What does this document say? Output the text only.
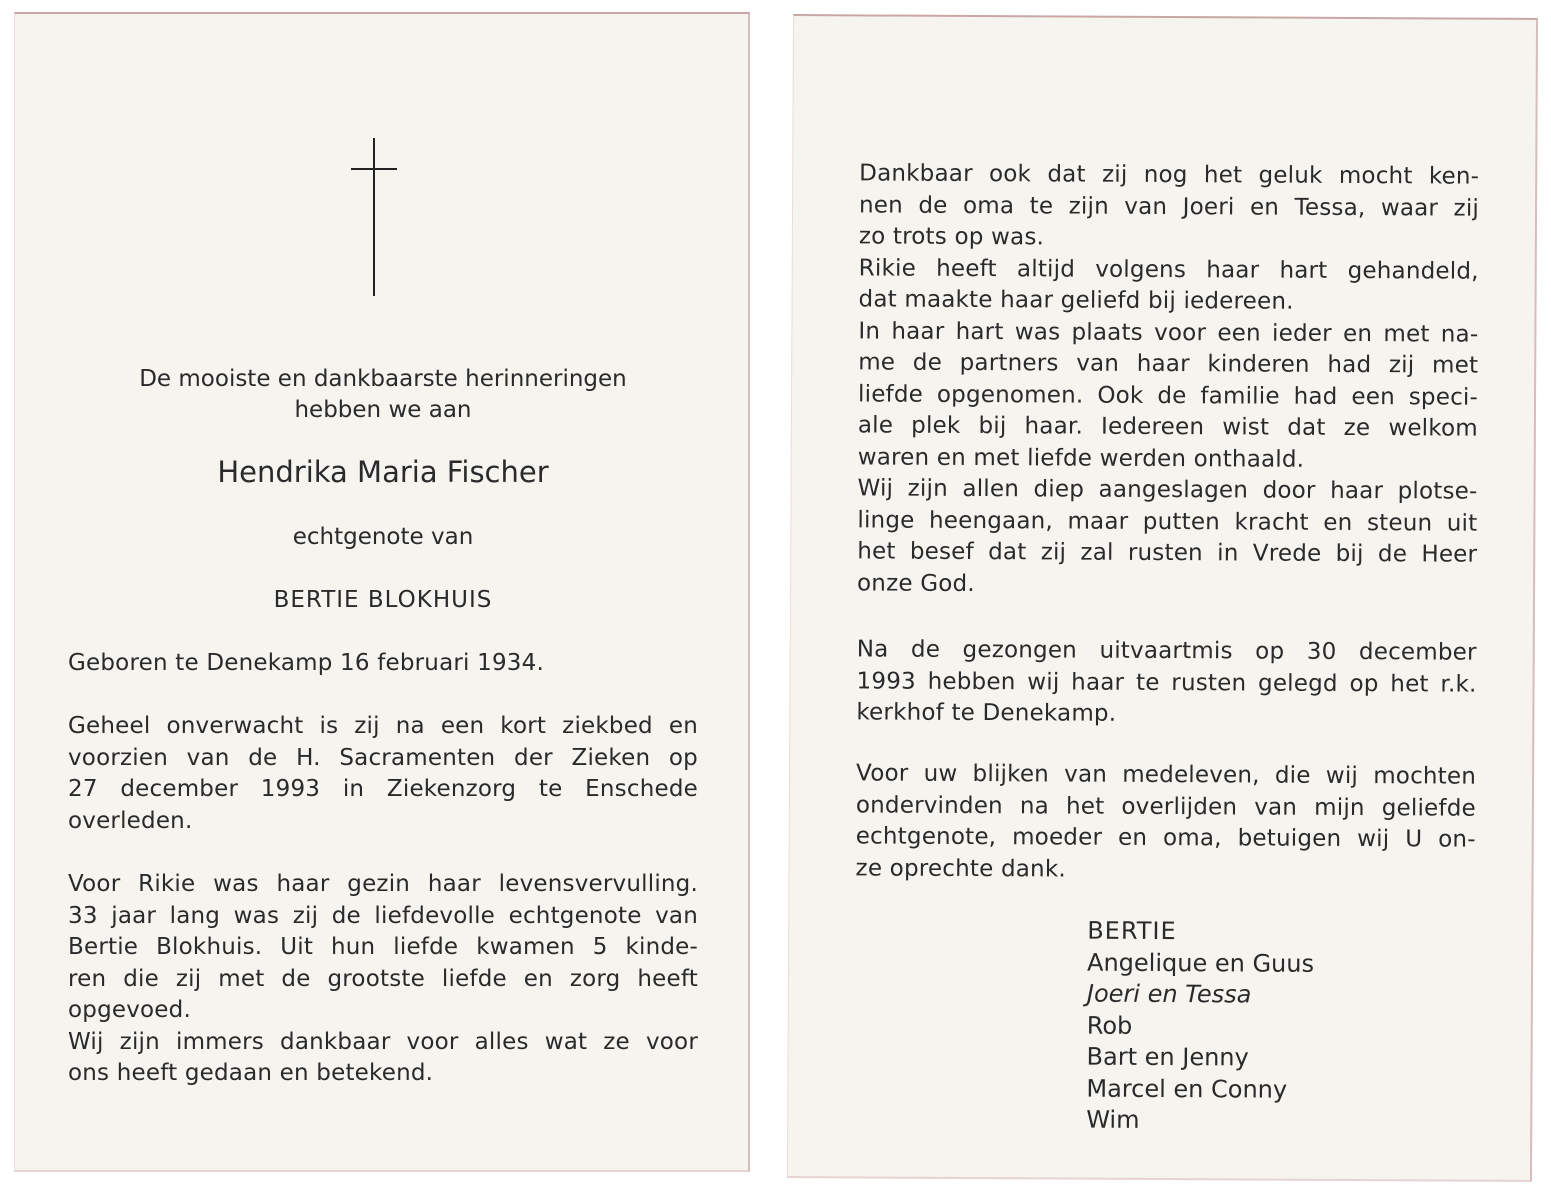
De mooiste en dankbaarste herinneringen
hebben we aan
Hendrika Maria Fischer
echtgenote van
BERTIE BLOKHUIS
Geboren te Denekamp 16 februari 1934.
Geheel onverwacht is zij na een kort ziekbed en
voorzien van de H. Sacramenten der Zieken op
27 december 1993 in Ziekenzorg te Enschede
overleden.
Voor Rikie was haar gezin haar levensvervulling.
33 jaar lang was zij de liefdevolle echtgenote van
Bertie Blokhuis. Uit hun liefde kwamen 5 kinde-
ren die zij met de grootste liefde en zorg heeft
opgevoed.
Wij zijn immers dankbaar voor alles wat ze voor
ons heeft gedaan en betekend.
Dankbaar ook dat zij nog het geluk mocht ken-
nen de oma te zijn van Joeri en Tessa, waar zij
zo trots op was.
Rikie heeft altijd volgens haar hart gehandeld,
dat maakte haar geliefd bij iedereen.
In haar hart was plaats voor een ieder en met na-
me de partners van haar kinderen had zij met
liefde opgenomen. Ook de familie had een speci-
ale plek bij haar. Iedereen wist dat ze welkom
waren en met liefde werden onthaald.
Wij zijn allen diep aangeslagen door haar plotse-
linge heengaan, maar putten kracht en steun uit
het besef dat zij zal rusten in Vrede bij de Heer
onze God.
Na de gezongen uitvaartmis op 30 december
1993 hebben wij haar te rusten gelegd op het r.k.
kerkhof te Denekamp.
Voor uw blijken van medeleven, die wij mochten
ondervinden na het overlijden van mijn geliefde
echtgenote, moeder en oma, betuigen wij U on-
ze oprechte dank.
BERTIE
Angelique en Guus
Joeri en Tessa
Rob
Bart en Jenny
Marcel en Conny
Wim
